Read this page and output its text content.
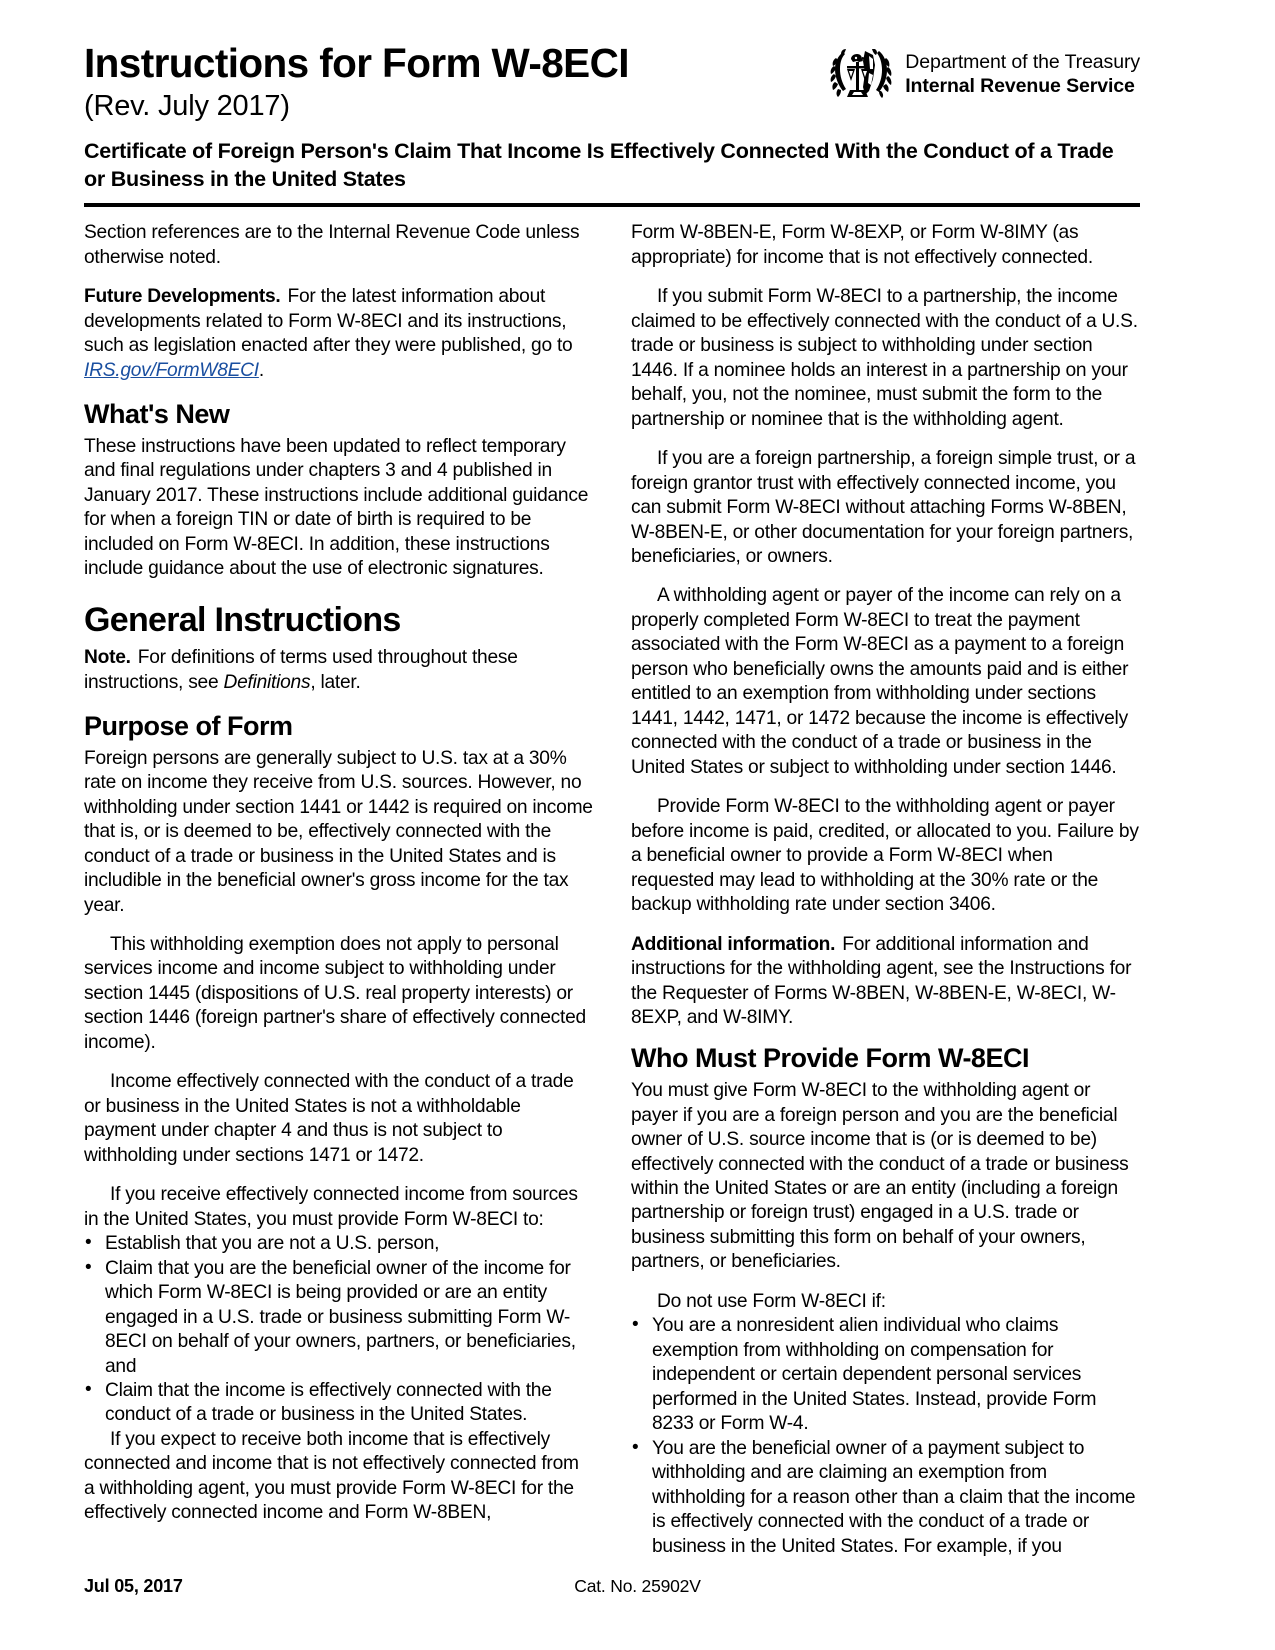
Instructions for Form W-8ECI
(Rev. July 2017)
Department of the Treasury
Internal Revenue Service
Certificate of Foreign Person's Claim That Income Is Effectively Connected With the Conduct of a Trade or Business in the United States

Section references are to the Internal Revenue Code unless otherwise noted.

Future Developments. For the latest information about developments related to Form W-8ECI and its instructions, such as legislation enacted after they were published, go to IRS.gov/FormW8ECI.

What's New

These instructions have been updated to reflect temporary and final regulations under chapters 3 and 4 published in January 2017. These instructions include additional guidance for when a foreign TIN or date of birth is required to be included on Form W-8ECI. In addition, these instructions include guidance about the use of electronic signatures.

General Instructions

Note. For definitions of terms used throughout these instructions, see Definitions, later.

Purpose of Form

Foreign persons are generally subject to U.S. tax at a 30% rate on income they receive from U.S. sources. However, no withholding under section 1441 or 1442 is required on income that is, or is deemed to be, effectively connected with the conduct of a trade or business in the United States and is includible in the beneficial owner's gross income for the tax year.

This withholding exemption does not apply to personal services income and income subject to withholding under section 1445 (dispositions of U.S. real property interests) or section 1446 (foreign partner's share of effectively connected income).

Income effectively connected with the conduct of a trade or business in the United States is not a withholdable payment under chapter 4 and thus is not subject to withholding under sections 1471 or 1472.

If you receive effectively connected income from sources in the United States, you must provide Form W-8ECI to:

• Establish that you are not a U.S. person,
• Claim that you are the beneficial owner of the income for which Form W-8ECI is being provided or are an entity engaged in a U.S. trade or business submitting Form W-8ECI on behalf of your owners, partners, or beneficiaries, and
• Claim that the income is effectively connected with the conduct of a trade or business in the United States.

If you expect to receive both income that is effectively connected and income that is not effectively connected from a withholding agent, you must provide Form W-8ECI for the effectively connected income and Form W-8BEN,

Form W-8BEN-E, Form W-8EXP, or Form W-8IMY (as appropriate) for income that is not effectively connected.

If you submit Form W-8ECI to a partnership, the income claimed to be effectively connected with the conduct of a U.S. trade or business is subject to withholding under section 1446. If a nominee holds an interest in a partnership on your behalf, you, not the nominee, must submit the form to the partnership or nominee that is the withholding agent.

If you are a foreign partnership, a foreign simple trust, or a foreign grantor trust with effectively connected income, you can submit Form W-8ECI without attaching Forms W-8BEN, W-8BEN-E, or other documentation for your foreign partners, beneficiaries, or owners.

A withholding agent or payer of the income can rely on a properly completed Form W-8ECI to treat the payment associated with the Form W-8ECI as a payment to a foreign person who beneficially owns the amounts paid and is either entitled to an exemption from withholding under sections 1441, 1442, 1471, or 1472 because the income is effectively connected with the conduct of a trade or business in the United States or subject to withholding under section 1446.

Provide Form W-8ECI to the withholding agent or payer before income is paid, credited, or allocated to you. Failure by a beneficial owner to provide a Form W-8ECI when requested may lead to withholding at the 30% rate or the backup withholding rate under section 3406.

Additional information. For additional information and instructions for the withholding agent, see the Instructions for the Requester of Forms W-8BEN, W-8BEN-E, W-8ECI, W-8EXP, and W-8IMY.

Who Must Provide Form W-8ECI

You must give Form W-8ECI to the withholding agent or payer if you are a foreign person and you are the beneficial owner of U.S. source income that is (or is deemed to be) effectively connected with the conduct of a trade or business within the United States or are an entity (including a foreign partnership or foreign trust) engaged in a U.S. trade or business submitting this form on behalf of your owners, partners, or beneficiaries.

Do not use Form W-8ECI if:

• You are a nonresident alien individual who claims exemption from withholding on compensation for independent or certain dependent personal services performed in the United States. Instead, provide Form 8233 or Form W-4.
• You are the beneficial owner of a payment subject to withholding and are claiming an exemption from withholding for a reason other than a claim that the income is effectively connected with the conduct of a trade or business in the United States. For example, if you
Jul 05, 2017	Cat. No. 25902V
